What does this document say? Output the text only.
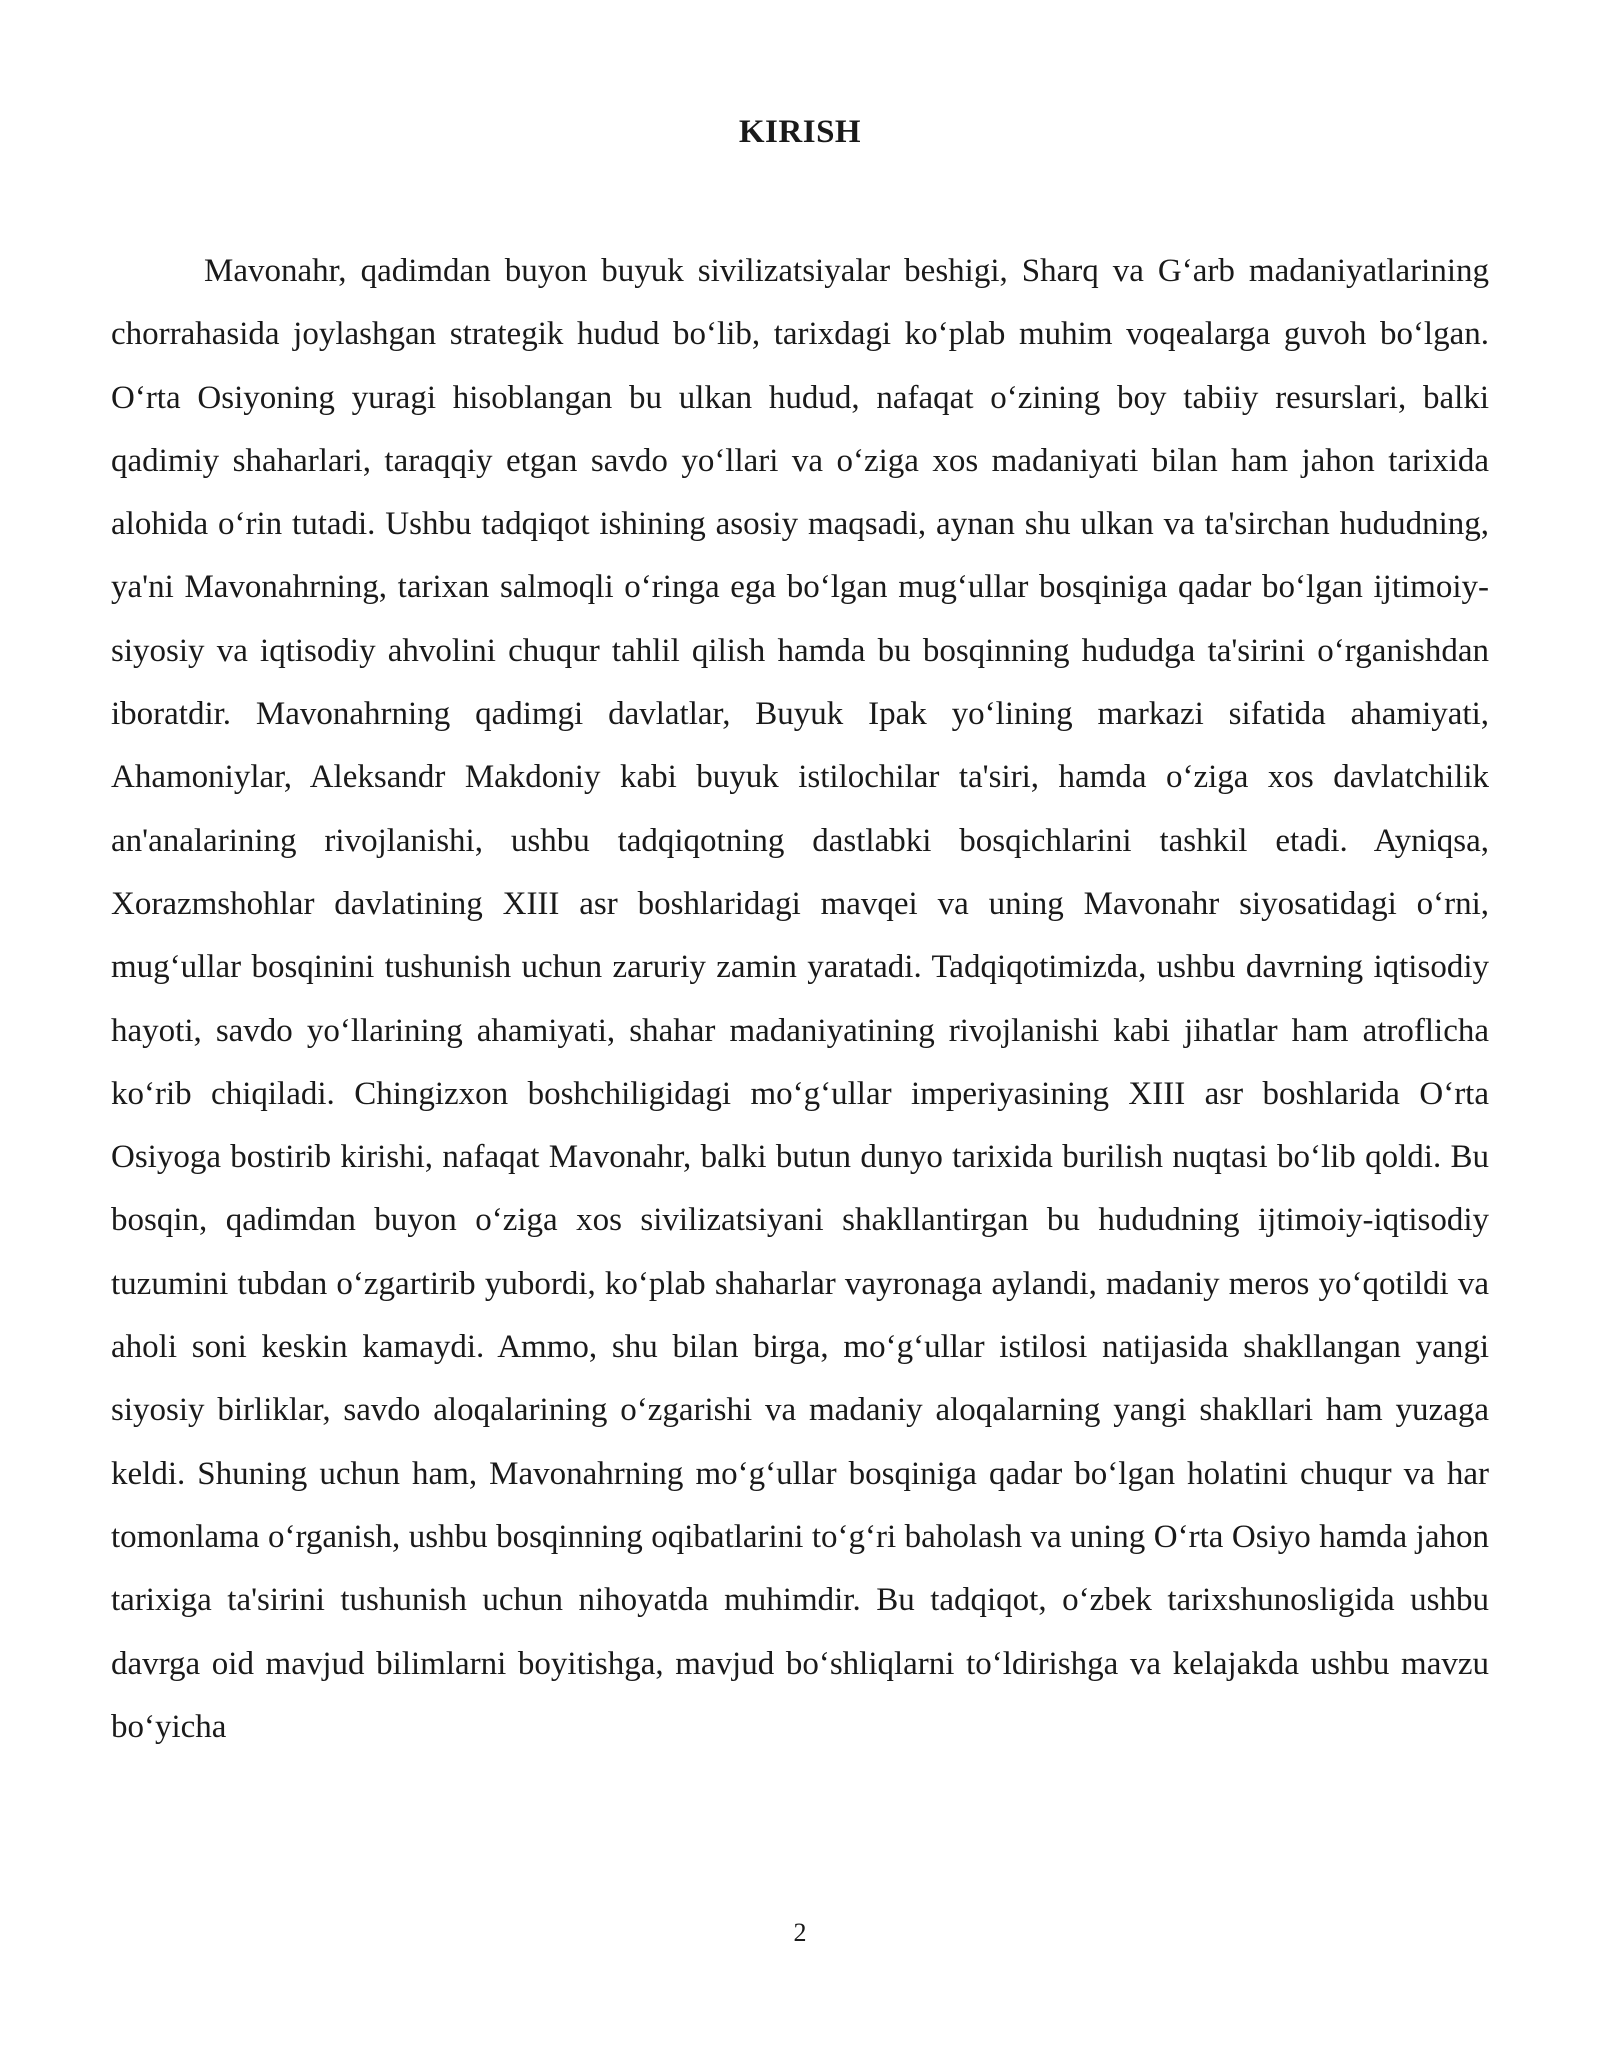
KIRISH

Mavonahr, qadimdan buyon buyuk sivilizatsiyalar beshigi, Sharq va G‘arb madaniyatlarining chorrahasida joylashgan strategik hudud bo‘lib, tarixdagi ko‘plab muhim voqealarga guvoh bo‘lgan. O‘rta Osiyoning yuragi hisoblangan bu ulkan hudud, nafaqat o‘zining boy tabiiy resurslari, balki qadimiy shaharlari, taraqqiy etgan savdo yo‘llari va o‘ziga xos madaniyati bilan ham jahon tarixida alohida o‘rin tutadi. Ushbu tadqiqot ishining asosiy maqsadi, aynan shu ulkan va ta'sirchan hududning, ya'ni Mavonahrning, tarixan salmoqli o‘ringa ega bo‘lgan mug‘ullar bosqiniga qadar bo‘lgan ijtimoiy-siyosiy va iqtisodiy ahvolini chuqur tahlil qilish hamda bu bosqinning hududga ta'sirini o‘rganishdan iboratdir. Mavonahrning qadimgi davlatlar, Buyuk Ipak yo‘lining markazi sifatida ahamiyati, Ahamoniylar, Aleksandr Makdoniy kabi buyuk istilochilar ta'siri, hamda o‘ziga xos davlatchilik an'analarining rivojlanishi, ushbu tadqiqotning dastlabki bosqichlarini tashkil etadi. Ayniqsa, Xorazmshohlar davlatining XIII asr boshlaridagi mavqei va uning Mavonahr siyosatidagi o‘rni, mug‘ullar bosqinini tushunish uchun zaruriy zamin yaratadi. Tadqiqotimizda, ushbu davrning iqtisodiy hayoti, savdo yo‘llarining ahamiyati, shahar madaniyatining rivojlanishi kabi jihatlar ham atroflicha ko‘rib chiqiladi. Chingizxon boshchiligidagi mo‘g‘ullar imperiyasining XIII asr boshlarida O‘rta Osiyoga bostirib kirishi, nafaqat Mavonahr, balki butun dunyo tarixida burilish nuqtasi bo‘lib qoldi. Bu bosqin, qadimdan buyon o‘ziga xos sivilizatsiyani shakllantirgan bu hududning ijtimoiy-iqtisodiy tuzumini tubdan o‘zgartirib yubordi, ko‘plab shaharlar vayronaga aylandi, madaniy meros yo‘qotildi va aholi soni keskin kamaydi. Ammo, shu bilan birga, mo‘g‘ullar istilosi natijasida shakllangan yangi siyosiy birliklar, savdo aloqalarining o‘zgarishi va madaniy aloqalarning yangi shakllari ham yuzaga keldi. Shuning uchun ham, Mavonahrning mo‘g‘ullar bosqiniga qadar bo‘lgan holatini chuqur va har tomonlama o‘rganish, ushbu bosqinning oqibatlarini to‘g‘ri baholash va uning O‘rta Osiyo hamda jahon tarixiga ta'sirini tushunish uchun nihoyatda muhimdir. Bu tadqiqot, o‘zbek tarixshunosligida ushbu davrga oid mavjud bilimlarni boyitishga, mavjud bo‘shliqlarni to‘ldirishga va kelajakda ushbu mavzu bo‘yicha

2
